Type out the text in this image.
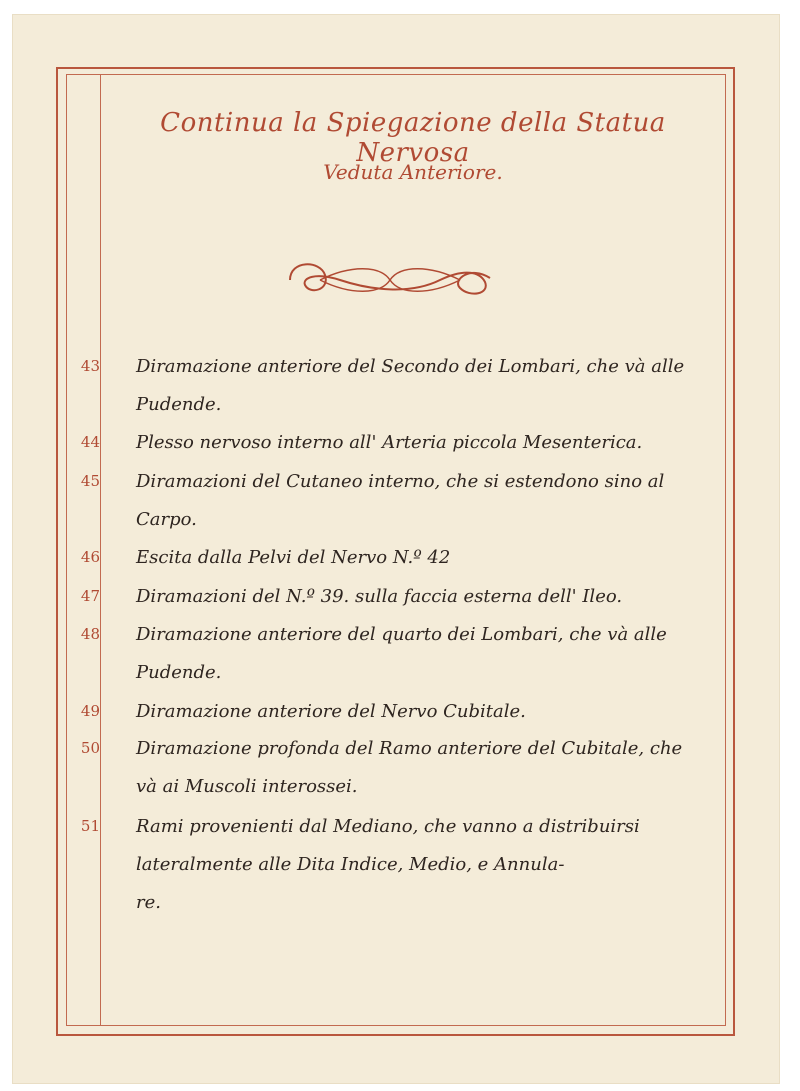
Continua la Spiegazione della Statua Nervosa
Veduta Anteriore.
43 Diramazione anteriore del Secondo dei Lombari, che và alle
Pudende.
44 Plesso nervoso interno all' Arteria piccola Mesenterica.
45 Diramazioni del Cutaneo interno, che si estendono sino al
Carpo.
46 Escita dalla Pelvi del Nervo N.º 42
47 Diramazioni del N.º 39. sulla faccia esterna dell' Ileo.
48 Diramazione anteriore del quarto dei Lombari, che và alle
Pudende.
49 Diramazione anteriore del Nervo Cubitale.
50 Diramazione profonda del Ramo anteriore del Cubitale, che
và ai Muscoli interossei.
51 Rami provenienti dal Mediano, che vanno a distribuirsi
lateralmente alle Dita Indice, Medio, e Annula-
re.
